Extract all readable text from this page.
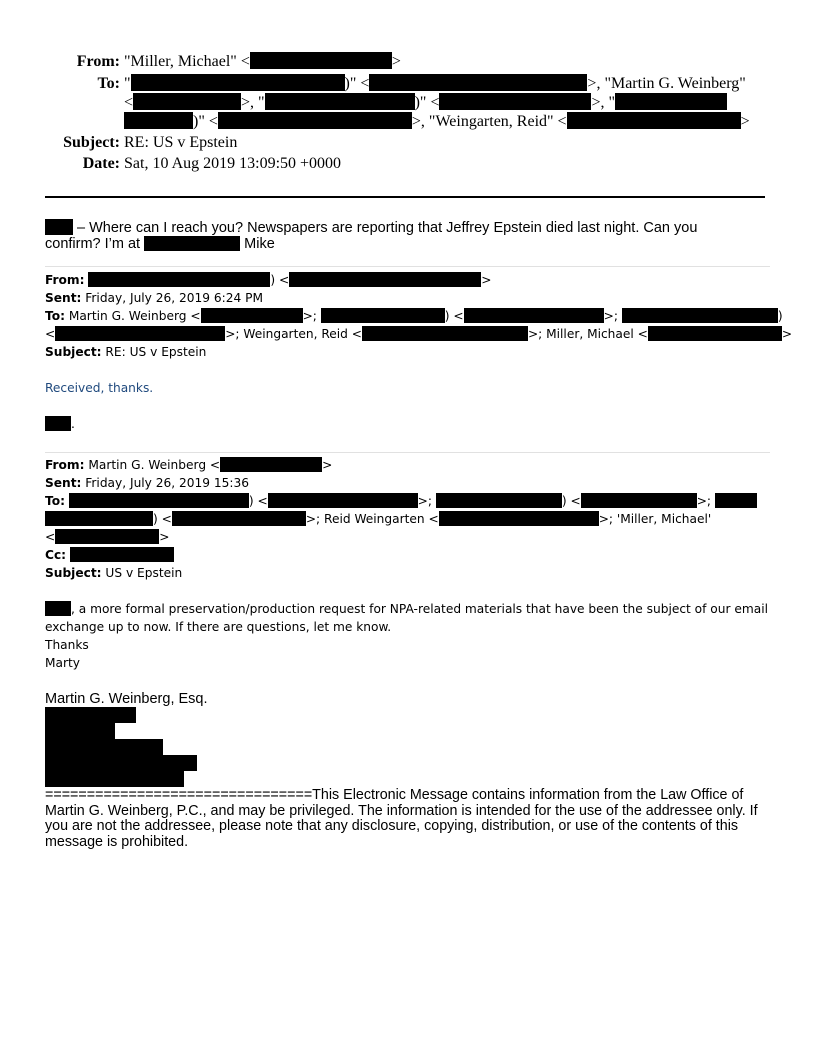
From: "Miller, Michael" <	>
To: "	)" <	>, "Martin G. Weinberg"
<	>, "	)" <	>, "
)" <	>, "Weingarten, Reid" <	>
Subject: RE: US v Epstein
Date: Sat, 10 Aug 2019 13:09:50 +0000
– Where can I reach you? Newspapers are reporting that Jeffrey Epstein died last night. Can you
confirm? I’m at	Mike
From:	) <	>
Sent: Friday, July 26, 2019 6:24 PM
To: Martin G. Weinberg <	>;	) <	>;	)
<	>; Weingarten, Reid <	>; Miller, Michael <	>
Subject: RE: US v Epstein
Received, thanks.
.
From: Martin G. Weinberg <	>
Sent: Friday, July 26, 2019 15:36
To:	) <	>;	) <	>;
) <	>; Reid Weingarten <	>; 'Miller, Michael'
<	>
Cc:
Subject: US v Epstein
, a more formal preservation/production request for NPA-related materials that have been the subject of our email
exchange up to now. If there are questions, let me know.
Thanks
Marty
Martin G. Weinberg, Esq.
================================This Electronic Message contains information from the Law Office of Martin G. Weinberg, P.C., and may be privileged. The information is intended for the use of the addressee only. If you are not the addressee, please note that any disclosure, copying, distribution, or use of the contents of this message is prohibited.
